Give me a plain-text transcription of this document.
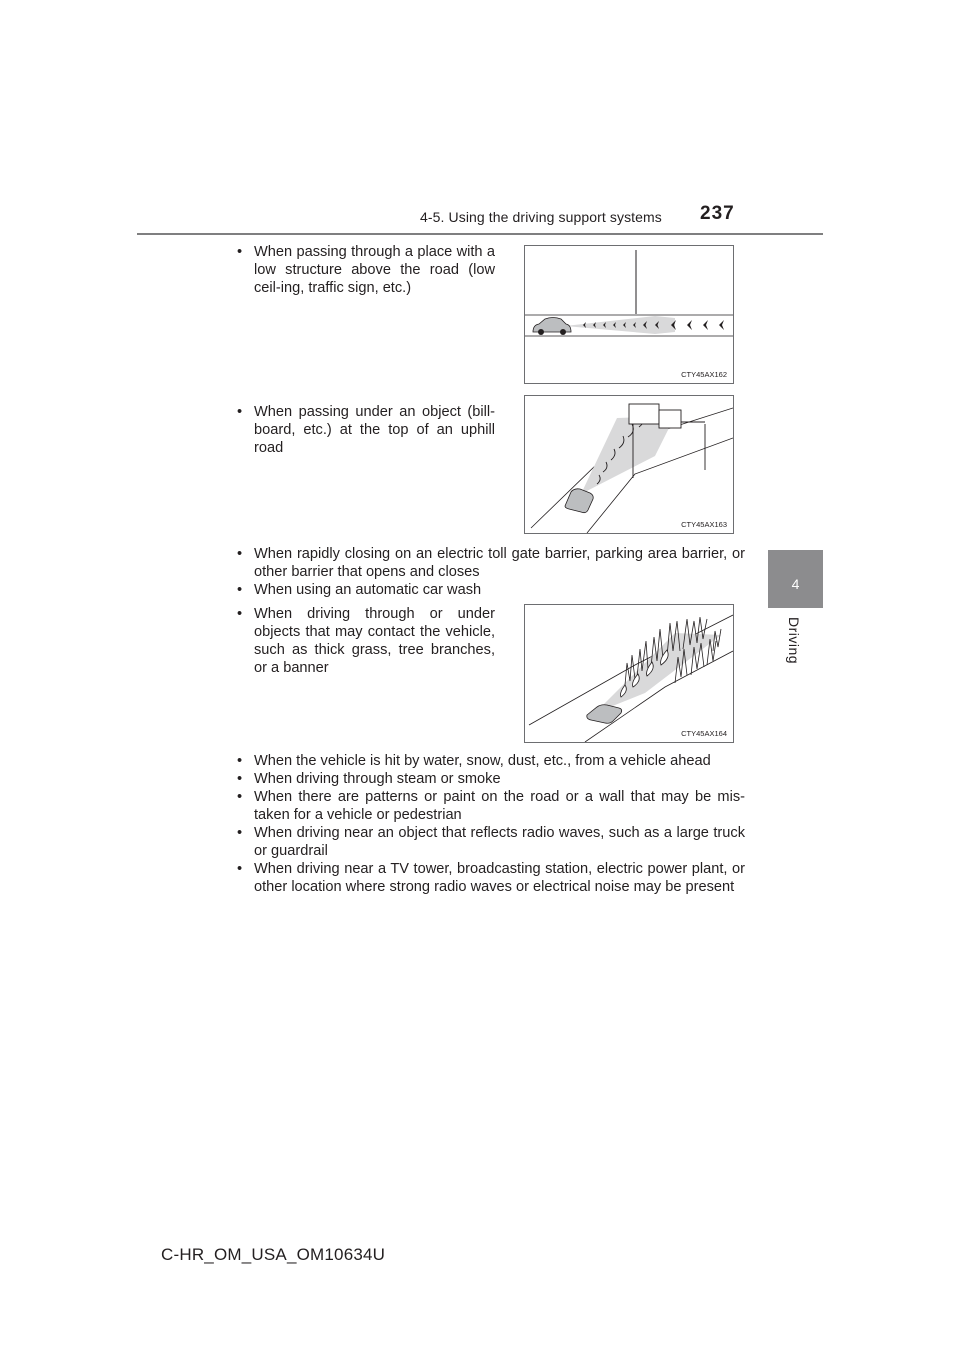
4-5. Using the driving support systems 237
4
Driving
• When passing through a place with a low structure above the road (low ceil-ing, traffic sign, etc.)
CTY45AX162
• When passing under an object (bill-board, etc.) at the top of an uphill road
CTY45AX163
• When rapidly closing on an electric toll gate barrier, parking area barrier, or other barrier that opens and closes
• When using an automatic car wash
• When driving through or under objects that may contact the vehicle, such as thick grass, tree branches, or a banner
CTY45AX164
• When the vehicle is hit by water, snow, dust, etc., from a vehicle ahead
• When driving through steam or smoke
• When there are patterns or paint on the road or a wall that may be mis-taken for a vehicle or pedestrian
• When driving near an object that reflects radio waves, such as a large truck or guardrail
• When driving near a TV tower, broadcasting station, electric power plant, or other location where strong radio waves or electrical noise may be present
C-HR_OM_USA_OM10634U
